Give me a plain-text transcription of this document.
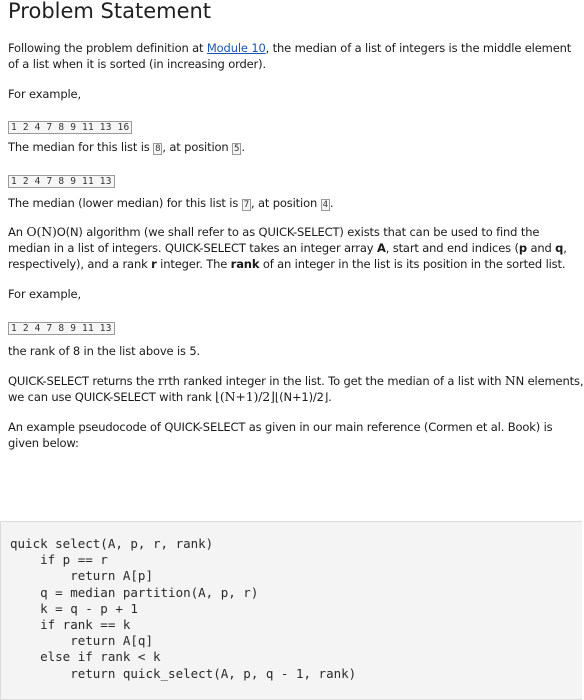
Problem Statement

Following the problem definition at Module 10, the median of a list of integers is the middle element of a list when it is sorted (in increasing order).

For example,

1 2 4 7 8 9 11 13 16

The median for this list is 8 , at position 5 .

1 2 4 7 8 9 11 13

The median (lower median) for this list is 7 , at position 4 .

An O(N)O(N) algorithm (we shall refer to as QUICK-SELECT) exists that can be used to find the median in a list of integers. QUICK-SELECT takes an integer array A, start and end indices (p and q, respectively), and a rank r integer. The rank of an integer in the list is its position in the sorted list.

For example,

1 2 4 7 8 9 11 13

the rank of 8 in the list above is 5.

QUICK-SELECT returns the rrth ranked integer in the list. To get the median of a list with NN elements, we can use QUICK-SELECT with rank ⌊(N+1)/2⌋⌊(N+1)/2⌋.

An example pseudocode of QUICK-SELECT as given in our main reference (Cormen et al. Book) is given below:

quick select(A, p, r, rank)
if p == r
return A[p]
q = median partition(A, p, r)
k = q - p + 1
if rank == k
return A[q]
else if rank < k
return quick_select(A, p, q - 1, rank)
